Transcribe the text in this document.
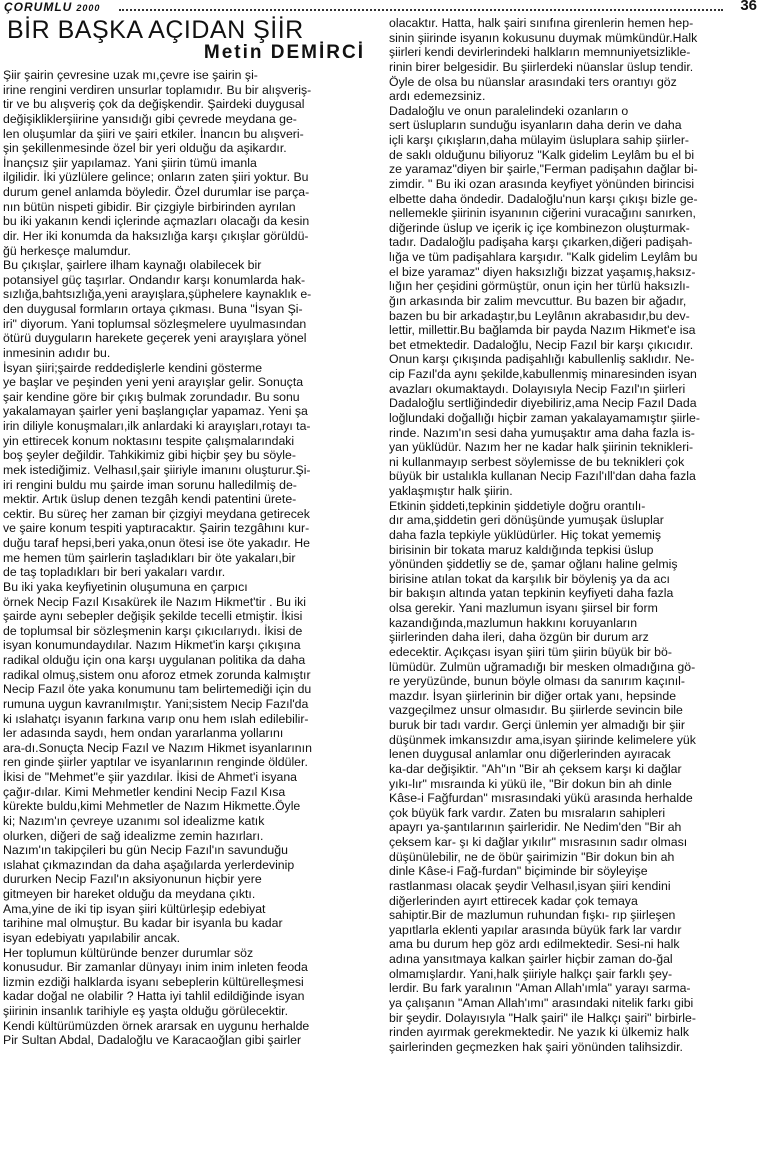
ÇORUMLU 2000	36
BİR BAŞKA AÇIDAN ŞİİR
Metin DEMİRCİ

Şiir şairin çevresine uzak mı,çevre ise şairin şi-
irine rengini verdiren unsurlar toplamıdır. Bu bir alışveriş-
tir ve bu alışveriş çok da değişkendir. Şairdeki duygusal
değişikliklerşiirine yansıdığı gibi çevrede meydana ge-
len oluşumlar da şiiri ve şairi etkiler. İnancın bu alışveri-
şin şekillenmesinde özel bir yeri olduğu da aşikardır.
İnançsız şiir yapılamaz. Yani şiirin tümü imanla
ilgilidir. İki yüzlülere gelince; onların zaten şiiri yoktur. Bu
durum genel anlamda böyledir. Özel durumlar ise parça-
nın bütün nispeti gibidir. Bir çizgiyle birbirinden ayrılan
bu iki yakanın kendi içlerinde açmazları olacağı da kesin
dir. Her iki konumda da haksızlığa karşı çıkışlar görüldü-
ğü herkesçe malumdur.
Bu çıkışlar, şairlere ilham kaynağı olabilecek bir
potansiyel güç taşırlar. Ondandır karşı konumlarda hak-
sızlığa,bahtsızlığa,yeni arayışlara,şüphelere kaynaklık e-
den duygusal formların ortaya çıkması. Buna "İsyan Şi-
iri" diyorum. Yani toplumsal sözleşmelere uyulmasından
ötürü duyguların harekete geçerek yeni arayışlara yönel
inmesinin adıdır bu.
İsyan şiiri;şairde reddedişlerle kendini gösterme
ye başlar ve peşinden yeni yeni arayışlar gelir. Sonuçta
şair kendine göre bir çıkış bulmak zorundadır. Bu sonu
yakalamayan şairler yeni başlangıçlar yapamaz. Yeni şa
irin diliyle konuşmaları,ilk anlardaki ki arayışları,rotayı ta-
yin ettirecek konum noktasını tespite çalışmalarındaki
boş şeyler değildir. Tahkikimiz gibi hiçbir şey bu söyle-
mek istediğimiz. Velhasıl,şair şiiriyle imanını oluşturur.Şi-
iri rengini buldu mu şairde iman sorunu halledilmiş de-
mektir. Artık üslup denen tezgâh kendi patentini ürete-
cektir. Bu süreç her zaman bir çizgiyi meydana getirecek
ve şaire konum tespiti yaptıracaktır. Şairin tezgâhını kur-
duğu taraf hepsi,beri yaka,onun ötesi ise öte yakadır. He
me hemen tüm şairlerin taşladıkları bir öte yakaları,bir
de taş topladıkları bir beri yakaları vardır.
Bu iki yaka keyfiyetinin oluşumuna en çarpıcı
örnek Necip Fazıl Kısakürek ile Nazım Hikmet'tir . Bu iki
şairde aynı sebepler değişik şekilde tecelli etmiştir. İkisi
de toplumsal bir sözleşmenin karşı çıkıcılarıydı. İkisi de
isyan konumundaydılar. Nazım Hikmet'in karşı çıkışına
radikal olduğu için ona karşı uygulanan politika da daha
radikal olmuş,sistem onu aforoz etmek zorunda kalmıştır
Necip Fazıl öte yaka konumunu tam belirtemediği için du
rumuna uygun kavranılmıştır. Yani;sistem Necip Fazıl'da
ki ıslahatçı isyanın farkına varıp onu hem ıslah edilebilir-
ler adasında saydı, hem ondan yararlanma yollarını
ara-dı.Sonuçta Necip Fazıl ve Nazım Hikmet isyanlarının
ren ginde şiirler yaptılar ve isyanlarının renginde öldüler.
İkisi de "Mehmet"e şiir yazdılar. İkisi de Ahmet'i isyana
çağır-dılar. Kimi Mehmetler kendini Necip Fazıl Kısa
kürekte buldu,kimi Mehmetler de Nazım Hikmette.Öyle
ki; Nazım'ın çevreye uzanımı sol idealizme katık
olurken, diğeri de sağ idealizme zemin hazırları.
Nazım'ın takipçileri bu gün Necip Fazıl'ın savunduğu
ıslahat çıkmazından da daha aşağılarda yerlerdevinip
dururken Necip Fazıl'ın aksiyonunun hiçbir yere
gitmeyen bir hareket olduğu da meydana çıktı.
Ama,yine de iki tip isyan şiiri kültürleşip edebiyat
tarihine mal olmuştur. Bu kadar bir isyanla bu kadar
isyan edebiyatı yapılabilir ancak.
Her toplumun kültüründe benzer durumlar söz
konusudur. Bir zamanlar dünyayı inim inim inleten feoda
lizmin ezdiği halklarda isyanı sebeplerin kültürelleşmesi
kadar doğal ne olabilir ? Hatta iyi tahlil edildiğinde isyan
şiirinin insanlık tarihiyle eş yaşta olduğu görülecektir.
Kendi kültürümüzden örnek ararsak en uygunu herhalde
Pir Sultan Abdal, Dadaloğlu ve Karacaoğlan gibi şairler

olacaktır. Hatta, halk şairi sınıfına girenlerin hemen hep-
sinin şiirinde isyanın kokusunu duymak mümkündür.Halk
şiirleri kendi devirlerindeki halkların memnuniyetsizlikle-
rinin birer belgesidir. Bu şiirlerdeki nüanslar üslup tendir.
Öyle de olsa bu nüanslar arasındaki ters orantıyı göz
ardı edemezsiniz.
Dadaloğlu ve onun paralelindeki ozanların o
sert üslupların sunduğu isyanların daha derin ve daha
içli karşı çıkışların,daha mülayim üsluplara sahip şiirler-
de saklı olduğunu biliyoruz "Kalk gidelim Leylâm bu el bi
ze yaramaz"diyen bir şairle,"Ferman padişahın dağlar bi-
zimdir. " Bu iki ozan arasında keyfiyet yönünden birincisi
elbette daha öndedir. Dadaloğlu'nun karşı çıkışı bizle ge-
nellemekle şiirinin isyanının ciğerini vuracağını sanırken,
diğerinde üslup ve içerik iç içe kombinezon oluşturmak-
tadır. Dadaloğlu padişaha karşı çıkarken,diğeri padişah-
lığa ve tüm padişahlara karşıdır. "Kalk gidelim Leylâm bu
el bize yaramaz" diyen haksızlığı bizzat yaşamış,haksız-
lığın her çeşidini görmüştür, onun için her türlü haksızlı-
ğın arkasında bir zalim mevcuttur. Bu bazen bir ağadır,
bazen bu bir arkadaştır,bu Leylânın akrabasıdır,bu dev-
lettir, millettir.Bu bağlamda bir payda Nazım Hikmet'e isa
bet etmektedir. Dadaloğlu, Necip Fazıl bir karşı çıkıcıdır.
Onun karşı çıkışında padişahlığı kabullenliş saklıdır. Ne-
cip Fazıl'da aynı şekilde,kabullenmiş minaresinden isyan
avazları okumaktaydı. Dolayısıyla Necip Fazıl'ın şiirleri
Dadaloğlu sertliğindedir diyebiliriz,ama Necip Fazıl Dada
loğlundaki doğallığı hiçbir zaman yakalayamamıştır şiirle-
rinde. Nazım'ın sesi daha yumuşaktır ama daha fazla is-
yan yüklüdür. Nazım her ne kadar halk şiirinin teknikleri-
ni kullanmayıp serbest söylemisse de bu teknikleri çok
büyük bir ustalıkla kullanan Necip Fazıl'ıll'dan daha fazla
yaklaşmıştır halk şiirin.
Etkinin şiddeti,tepkinin şiddetiyle doğru orantılı-
dır ama,şiddetin geri dönüşünde yumuşak üsluplar
daha fazla tepkiyle yüklüdürler. Hiç tokat yememiş
birisinin bir tokata maruz kaldığında tepkisi üslup
yönünden şiddetliy se de, şamar oğlanı haline gelmiş
birisine atılan tokat da karşılık bir böyleniş ya da acı
bir bakışın altında yatan tepkinin keyfiyeti daha fazla
olsa gerekir. Yani mazlumun isyanı şiirsel bir form
kazandığında,mazlumun hakkını koruyanların
şiirlerinden daha ileri, daha özgün bir durum arz
edecektir. Açıkçası isyan şiiri tüm şiirin büyük bir bö-
lümüdür. Zulmün uğramadığı bir mesken olmadığına gö-
re yeryüzünde, bunun böyle olması da sanırım kaçınıl-
mazdır. İsyan şiirlerinin bir diğer ortak yanı, hepsinde
vazgeçilmez unsur olmasıdır. Bu şiirlerde sevincin bile
buruk bir tadı vardır. Gerçi ünlemin yer almadığı bir şiir
düşünmek imkansızdır ama,isyan şiirinde kelimelere yük
lenen duygusal anlamlar onu diğerlerinden ayıracak
ka-dar değişiktir. "Ah"ın "Bir ah çeksem karşı ki dağlar
yıkı-lır" mısraında ki yükü ile, "Bir dokun bin ah dinle
Kâse-i Fağfurdan" mısrasındaki yükü arasında herhalde
çok büyük fark vardır. Zaten bu mısraların sahipleri
apayrı ya-şantılarının şairleridir. Ne Nedim'den "Bir ah
çeksem kar- şı ki dağlar yıkılır" mısrasının sadır olması
düşünülebilir, ne de öbür şairimizin "Bir dokun bin ah
dinle Kâse-i Fağ-furdan" biçiminde bir söyleyişe
rastlanması olacak şeydir Velhasıl,isyan şiiri kendini
diğerlerinden ayırt ettirecek kadar çok temaya
sahiptir.Bir de mazlumun ruhundan fışkı- rıp şiirleşen
yapıtlarla eklenti yapılar arasında büyük fark lar vardır
ama bu durum hep göz ardı edilmektedir. Sesi-ni halk
adına yansıtmaya kalkan şairler hiçbir zaman do-ğal
olmamışlardır. Yani,halk şiiriyle halkçı şair farklı şey-
lerdir. Bu fark yaralının "Aman Allah'ımla" yarayı sarma-
ya çalışanın "Aman Allah'ımı" arasındaki nitelik farkı gibi
bir şeydir. Dolayısıyla "Halk şairi" ile Halkçı şairi" birbirle-
rinden ayırmak gerekmektedir. Ne yazık ki ülkemiz halk
şairlerinden geçmezken hak şairi yönünden talihsizdir.
